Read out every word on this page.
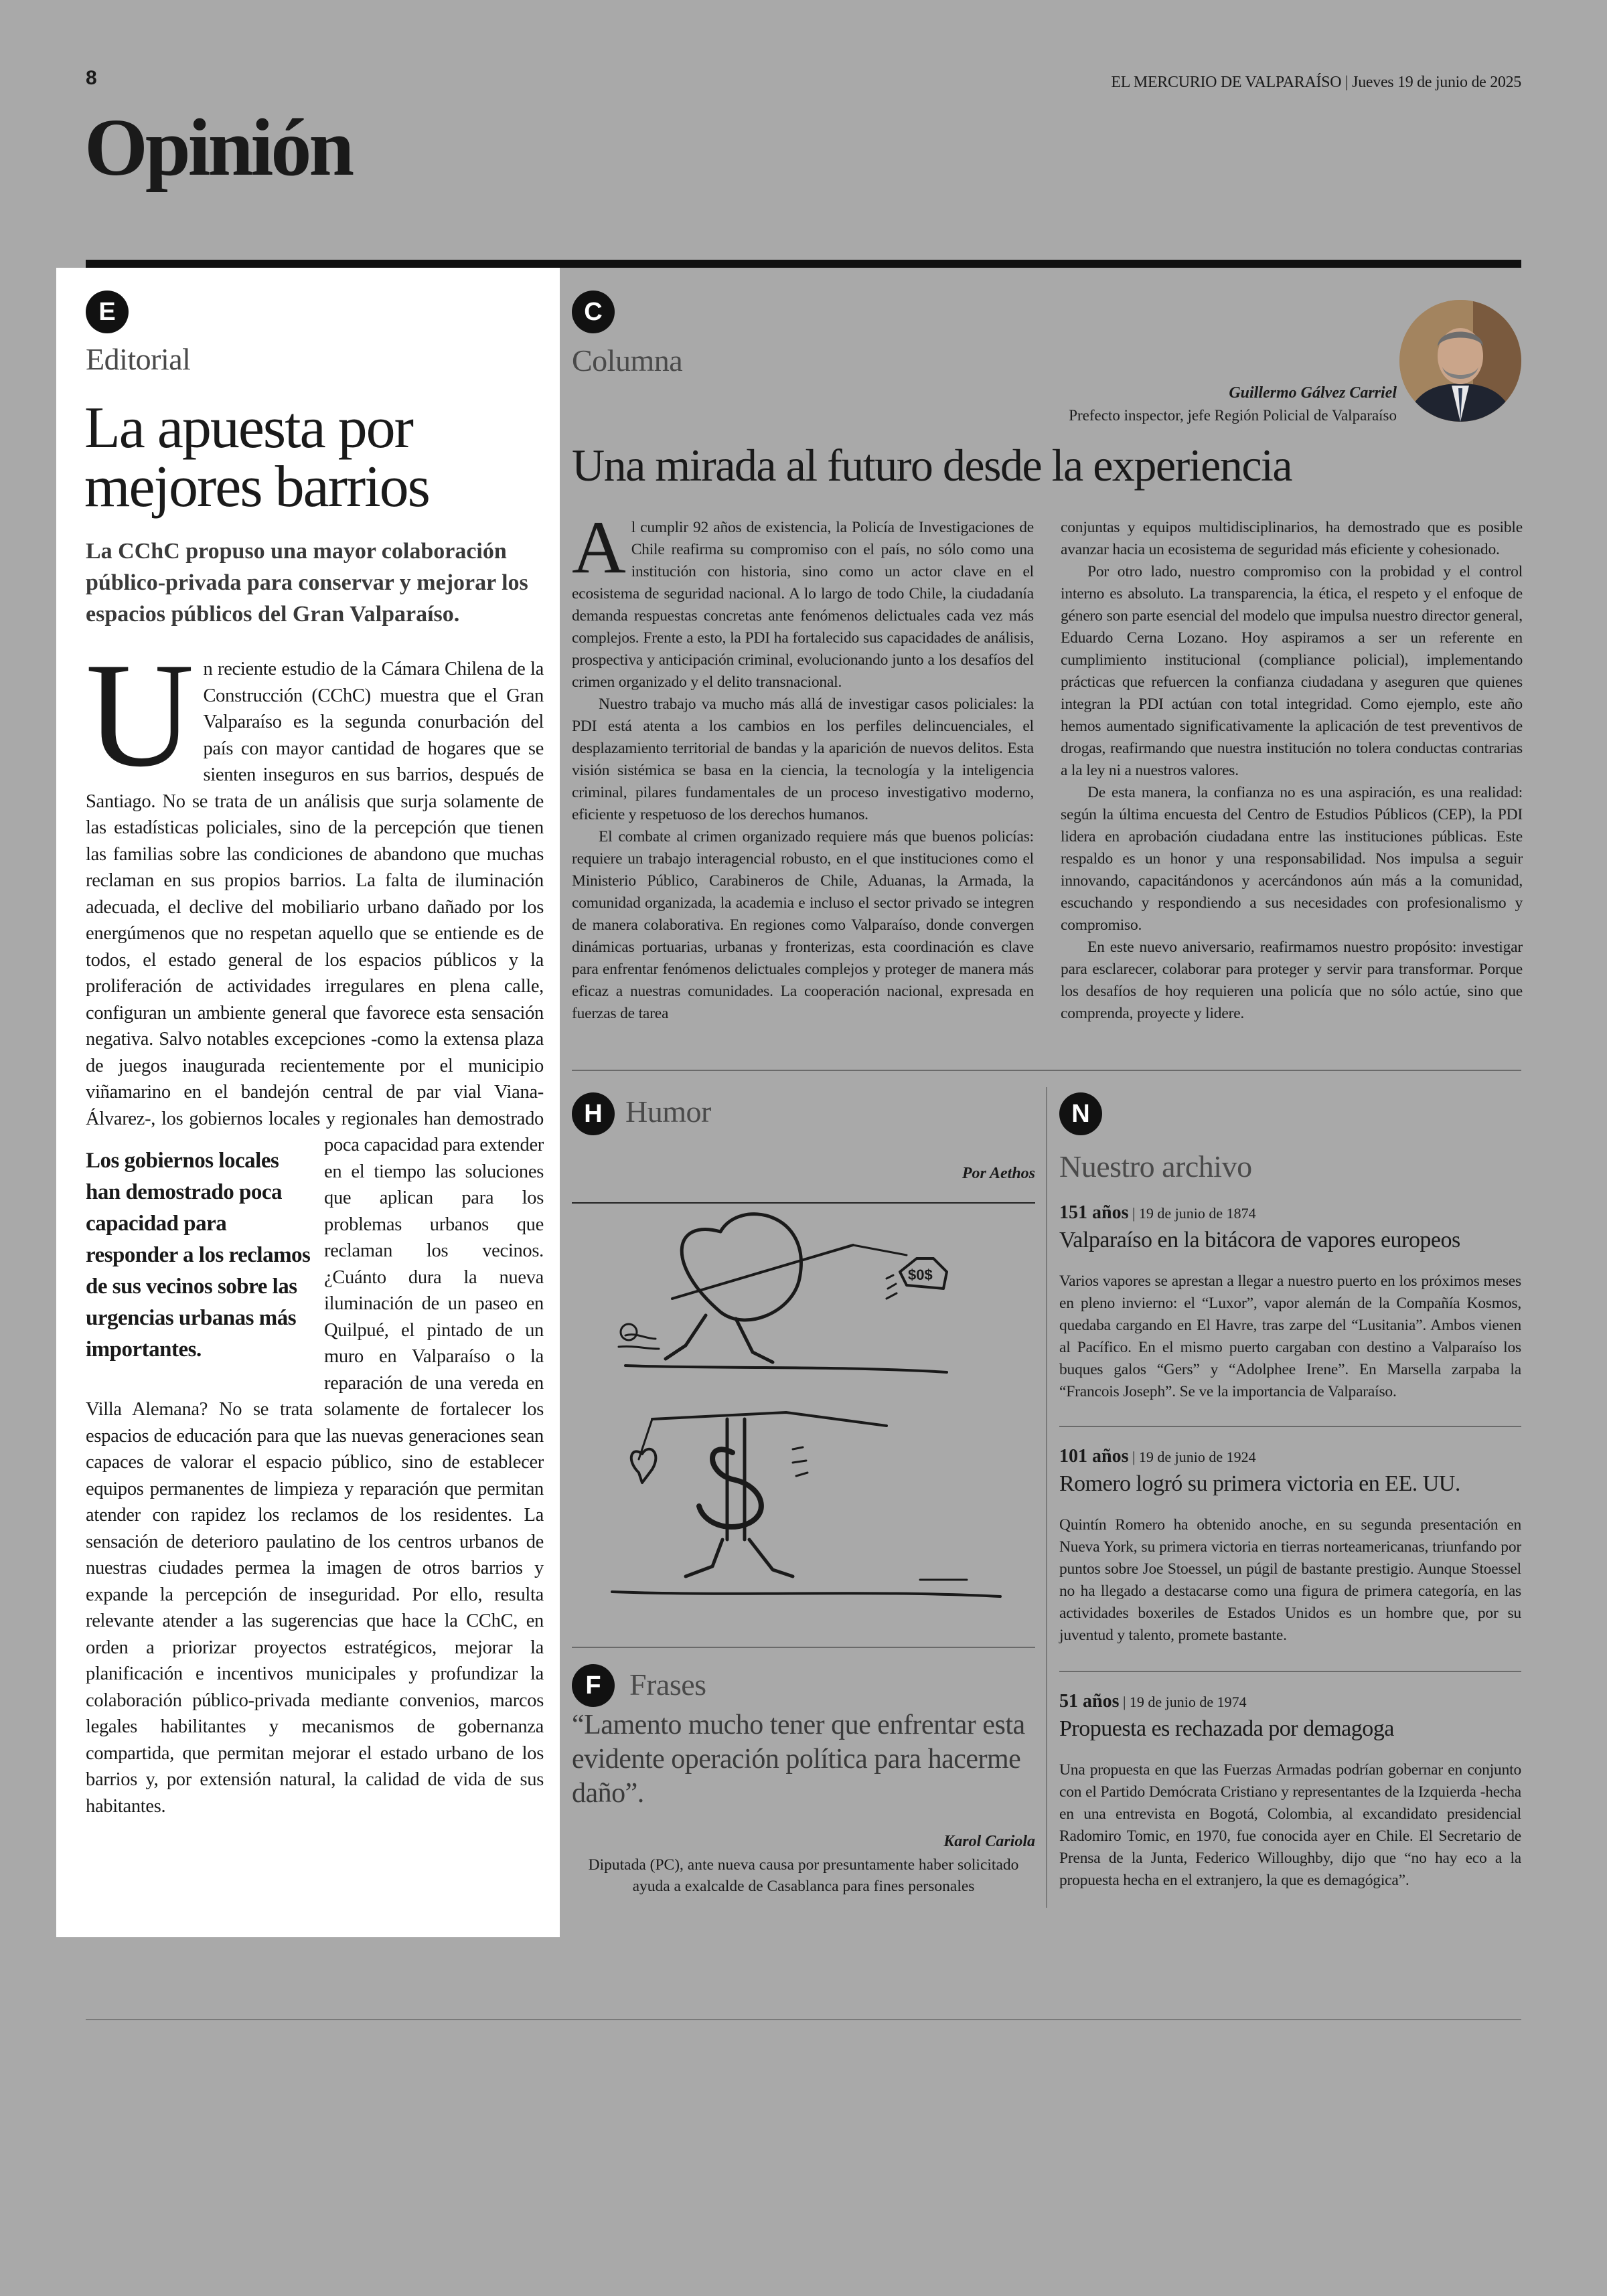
8	EL MERCURIO DE VALPARAÍSO | Jueves 19 de junio de 2025
Opinión
E
Editorial
La apuesta por
mejores barrios
La CChC propuso una mayor colaboración público-privada para conservar y mejorar los espacios públicos del Gran Valparaíso.
U n reciente estudio de la Cámara Chilena de la Construcción (CChC) muestra que el Gran Valparaíso es la segunda conurbación del país con mayor cantidad de hogares que se sienten inseguros en sus barrios, después de Santiago. No se trata de un análisis que surja solamente de las estadísticas policiales, sino de la percepción que tienen las familias sobre las condiciones de abandono que muchas reclaman en sus propios barrios. La falta de iluminación adecuada, el declive del mobiliario urbano dañado por los energúmenos que no respetan aquello que se entiende es de todos, el estado general de los espacios públicos y la proliferación de actividades irregulares en plena calle, configuran un ambiente general que favorece esta sensación negativa. Salvo notables excepciones -como la extensa plaza de juegos inaugurada recientemente por el municipio viñamarino en el bandejón central de par vial Viana-Álvarez-, los gobiernos locales y regionales han demostrado
Los gobiernos locales han demostrado poca capacidad para responder a los reclamos de sus vecinos sobre las urgencias urbanas más importantes.
poca capacidad para extender en el tiempo las soluciones que aplican para los problemas urbanos que reclaman los vecinos. ¿Cuánto dura la nueva iluminación de un paseo en Quilpué, el pintado de un muro en Valparaíso o la reparación de una vereda en Villa Alemana? No se trata solamente de fortalecer los espacios de educación para que las nuevas generaciones sean capaces de valorar el espacio público, sino de establecer equipos permanentes de limpieza y reparación que permitan atender con rapidez los reclamos de los residentes. La sensación de deterioro paulatino de los centros urbanos de nuestras ciudades permea la imagen de otros barrios y expande la percepción de inseguridad. Por ello, resulta relevante atender a las sugerencias que hace la CChC, en orden a priorizar proyectos estratégicos, mejorar la planificación e incentivos municipales y profundizar la colaboración público-privada mediante convenios, marcos legales habilitantes y mecanismos de gobernanza compartida, que permitan mejorar el estado urbano de los barrios y, por extensión natural, la calidad de vida de sus habitantes.
C
Columna
Guillermo Gálvez Carriel
Prefecto inspector, jefe Región Policial de Valparaíso
Una mirada al futuro desde la experiencia

Al cumplir 92 años de existencia, la Policía de Investigaciones de Chile reafirma su compromiso con el país, no sólo como una institución con historia, sino como un actor clave en el ecosistema de seguridad nacional. A lo largo de todo Chile, la ciudadanía demanda respuestas concretas ante fenómenos delictuales cada vez más complejos. Frente a esto, la PDI ha fortalecido sus capacidades de análisis, prospectiva y anticipación criminal, evolucionando junto a los desafíos del crimen organizado y el delito transnacional.

Nuestro trabajo va mucho más allá de investigar casos policiales: la PDI está atenta a los cambios en los perfiles delincuenciales, el desplazamiento territorial de bandas y la aparición de nuevos delitos. Esta visión sistémica se basa en la ciencia, la tecnología y la inteligencia criminal, pilares fundamentales de un proceso investigativo moderno, eficiente y respetuoso de los derechos humanos.

El combate al crimen organizado requiere más que buenos policías: requiere un trabajo interagencial robusto, en el que instituciones como el Ministerio Público, Carabineros de Chile, Aduanas, la Armada, la comunidad organizada, la academia e incluso el sector privado se integren de manera colaborativa. En regiones como Valparaíso, donde convergen dinámicas portuarias, urbanas y fronterizas, esta coordinación es clave para enfrentar fenómenos delictuales complejos y proteger de manera más eficaz a nuestras comunidades. La cooperación nacional, expresada en fuerzas de tarea

conjuntas y equipos multidisciplinarios, ha demostrado que es posible avanzar hacia un ecosistema de seguridad más eficiente y cohesionado.

Por otro lado, nuestro compromiso con la probidad y el control interno es absoluto. La transparencia, la ética, el respeto y el enfoque de género son parte esencial del modelo que impulsa nuestro director general, Eduardo Cerna Lozano. Hoy aspiramos a ser un referente en cumplimiento institucional (compliance policial), implementando prácticas que refuercen la confianza ciudadana y aseguren que quienes integran la PDI actúan con total integridad. Como ejemplo, este año hemos aumentado significativamente la aplicación de test preventivos de drogas, reafirmando que nuestra institución no tolera conductas contrarias a la ley ni a nuestros valores.

De esta manera, la confianza no es una aspiración, es una realidad: según la última encuesta del Centro de Estudios Públicos (CEP), la PDI lidera en aprobación ciudadana entre las instituciones públicas. Este respaldo es un honor y una responsabilidad. Nos impulsa a seguir innovando, capacitándonos y acercándonos aún más a la comunidad, escuchando y respondiendo a sus necesidades con profesionalismo y compromiso.

En este nuevo aniversario, reafirmamos nuestro propósito: investigar para esclarecer, colaborar para proteger y servir para transformar. Porque los desafíos de hoy requieren una policía que no sólo actúe, sino que comprenda, proyecte y lidere.

H Humor
Por Aethos
$0$
F Frases
“Lamento mucho tener que enfrentar esta evidente operación política para hacerme daño”.
Karol Cariola
Diputada (PC), ante nueva causa por presuntamente haber solicitado ayuda a exalcalde de Casablanca para fines personales
N
Nuestro archivo
151 años | 19 de junio de 1874
Valparaíso en la bitácora de vapores europeos
Varios vapores se aprestan a llegar a nuestro puerto en los próximos meses en pleno invierno: el “Luxor”, vapor alemán de la Compañía Kosmos, quedaba cargando en El Havre, tras zarpe del “Lusitania”. Ambos vienen al Pacífico. En el mismo puerto cargaban con destino a Valparaíso los buques galos “Gers” y “Adolphee Irene”. En Marsella zarpaba la “Francois Joseph”. Se ve la importancia de Valparaíso.
101 años | 19 de junio de 1924
Romero logró su primera victoria en EE. UU.
Quintín Romero ha obtenido anoche, en su segunda presentación en Nueva York, su primera victoria en tierras norteamericanas, triunfando por puntos sobre Joe Stoessel, un púgil de bastante prestigio. Aunque Stoessel no ha llegado a destacarse como una figura de primera categoría, en las actividades boxeriles de Estados Unidos es un hombre que, por su juventud y talento, promete bastante.
51 años | 19 de junio de 1974
Propuesta es rechazada por demagoga
Una propuesta en que las Fuerzas Armadas podrían gobernar en conjunto con el Partido Demócrata Cristiano y representantes de la Izquierda -hecha en una entrevista en Bogotá, Colombia, al excandidato presidencial Radomiro Tomic, en 1970, fue conocida ayer en Chile. El Secretario de Prensa de la Junta, Federico Willoughby, dijo que “no hay eco a la propuesta hecha en el extranjero, la que es demagógica”.
